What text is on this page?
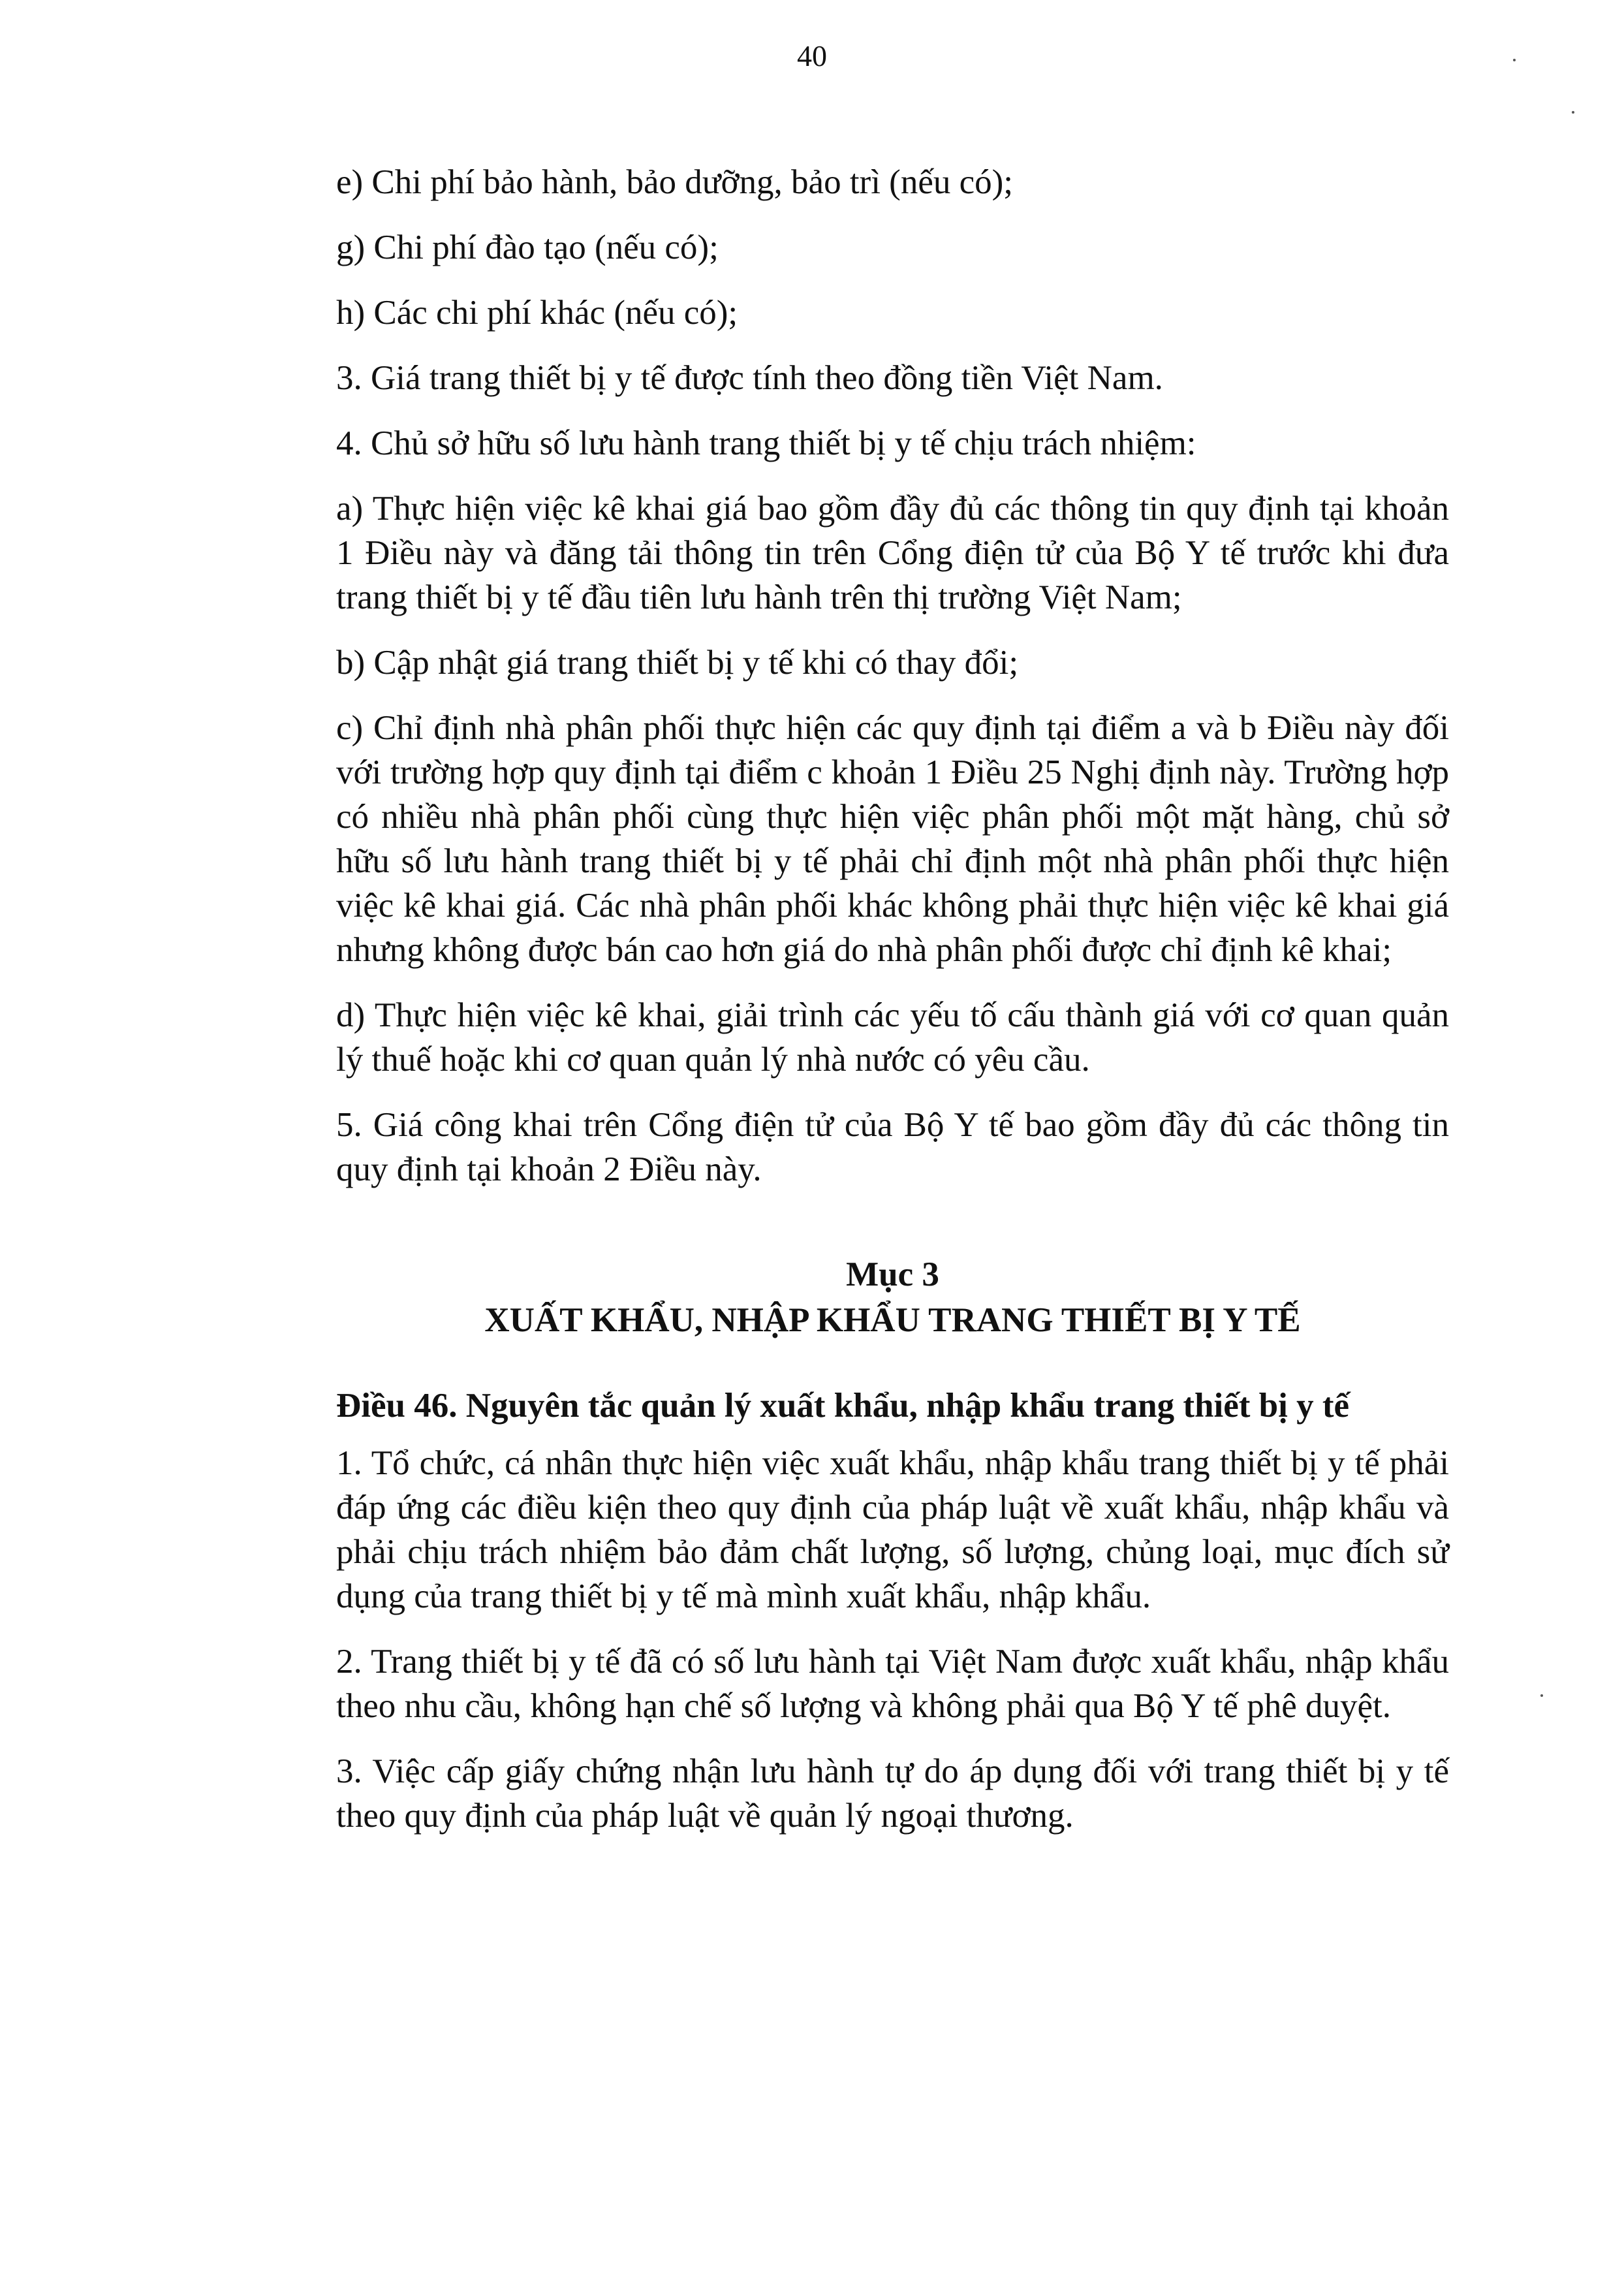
40

e) Chi phí bảo hành, bảo dưỡng, bảo trì (nếu có);

g) Chi phí đào tạo (nếu có);

h) Các chi phí khác (nếu có);

3. Giá trang thiết bị y tế được tính theo đồng tiền Việt Nam.

4. Chủ sở hữu số lưu hành trang thiết bị y tế chịu trách nhiệm:

a) Thực hiện việc kê khai giá bao gồm đầy đủ các thông tin quy định tại khoản 1 Điều này và đăng tải thông tin trên Cổng điện tử của Bộ Y tế trước khi đưa trang thiết bị y tế đầu tiên lưu hành trên thị trường Việt Nam;

b) Cập nhật giá trang thiết bị y tế khi có thay đổi;

c) Chỉ định nhà phân phối thực hiện các quy định tại điểm a và b Điều này đối với trường hợp quy định tại điểm c khoản 1 Điều 25 Nghị định này. Trường hợp có nhiều nhà phân phối cùng thực hiện việc phân phối một mặt hàng, chủ sở hữu số lưu hành trang thiết bị y tế phải chỉ định một nhà phân phối thực hiện việc kê khai giá. Các nhà phân phối khác không phải thực hiện việc kê khai giá nhưng không được bán cao hơn giá do nhà phân phối được chỉ định kê khai;

d) Thực hiện việc kê khai, giải trình các yếu tố cấu thành giá với cơ quan quản lý thuế hoặc khi cơ quan quản lý nhà nước có yêu cầu.

5. Giá công khai trên Cổng điện tử của Bộ Y tế bao gồm đầy đủ các thông tin quy định tại khoản 2 Điều này.

Mục 3

XUẤT KHẨU, NHẬP KHẨU TRANG THIẾT BỊ Y TẾ

Điều 46. Nguyên tắc quản lý xuất khẩu, nhập khẩu trang thiết bị y tế

1. Tổ chức, cá nhân thực hiện việc xuất khẩu, nhập khẩu trang thiết bị y tế phải đáp ứng các điều kiện theo quy định của pháp luật về xuất khẩu, nhập khẩu và phải chịu trách nhiệm bảo đảm chất lượng, số lượng, chủng loại, mục đích sử dụng của trang thiết bị y tế mà mình xuất khẩu, nhập khẩu.

2. Trang thiết bị y tế đã có số lưu hành tại Việt Nam được xuất khẩu, nhập khẩu theo nhu cầu, không hạn chế số lượng và không phải qua Bộ Y tế phê duyệt.

3. Việc cấp giấy chứng nhận lưu hành tự do áp dụng đối với trang thiết bị y tế theo quy định của pháp luật về quản lý ngoại thương.
